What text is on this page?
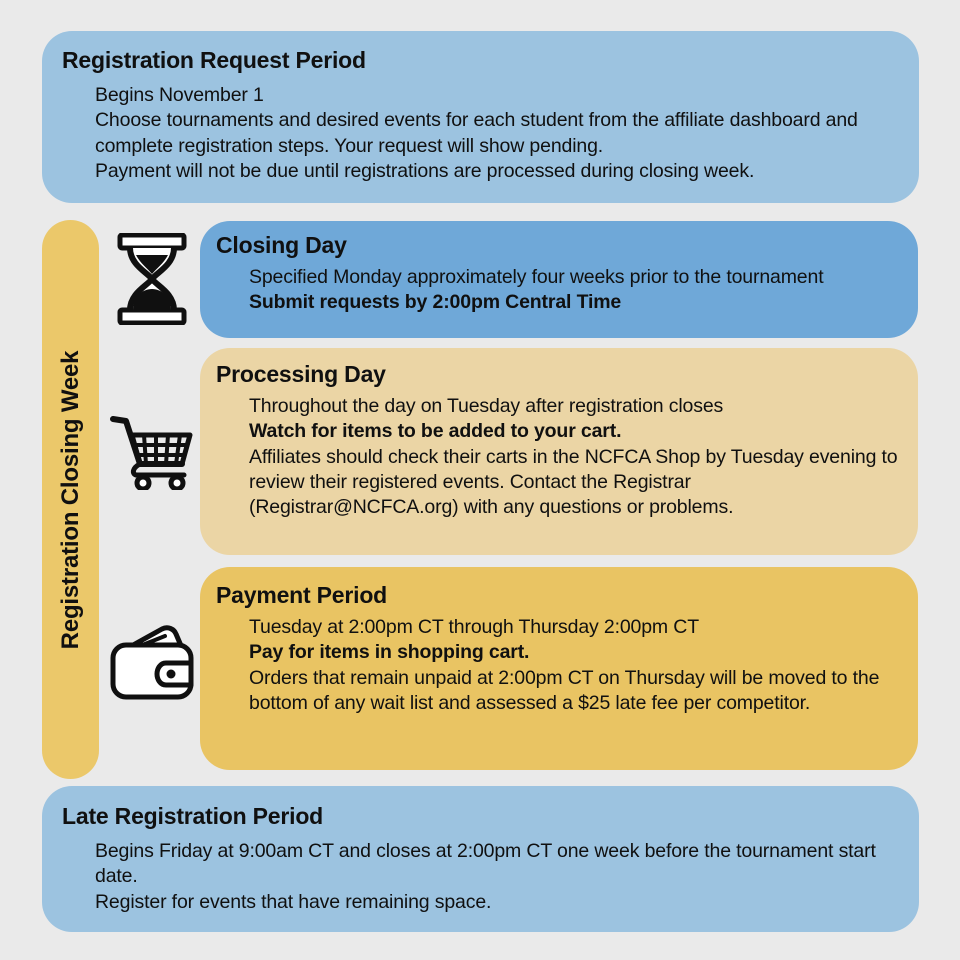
Registration Request Period

Begins November 1

Choose tournaments and desired events for each student from the affiliate dashboard and complete registration steps. Your request will show pending.

Payment will not be due until registrations are processed during closing week.

Registration Closing Week
Closing Day

Specified Monday approximately four weeks prior to the tournament

Submit requests by 2:00pm Central Time

Processing Day

Throughout the day on Tuesday after registration closes

Watch for items to be added to your cart.

Affiliates should check their carts in the NCFCA Shop by Tuesday evening to review their registered events. Contact the Registrar (Registrar@NCFCA.org) with any questions or problems.

Payment Period

Tuesday at 2:00pm CT through Thursday 2:00pm CT

Pay for items in shopping cart.

Orders that remain unpaid at 2:00pm CT on Thursday will be moved to the bottom of any wait list and assessed a $25 late fee per competitor.

Late Registration Period

Begins Friday at 9:00am CT and closes at 2:00pm CT one week before the tournament start date.

Register for events that have remaining space.
